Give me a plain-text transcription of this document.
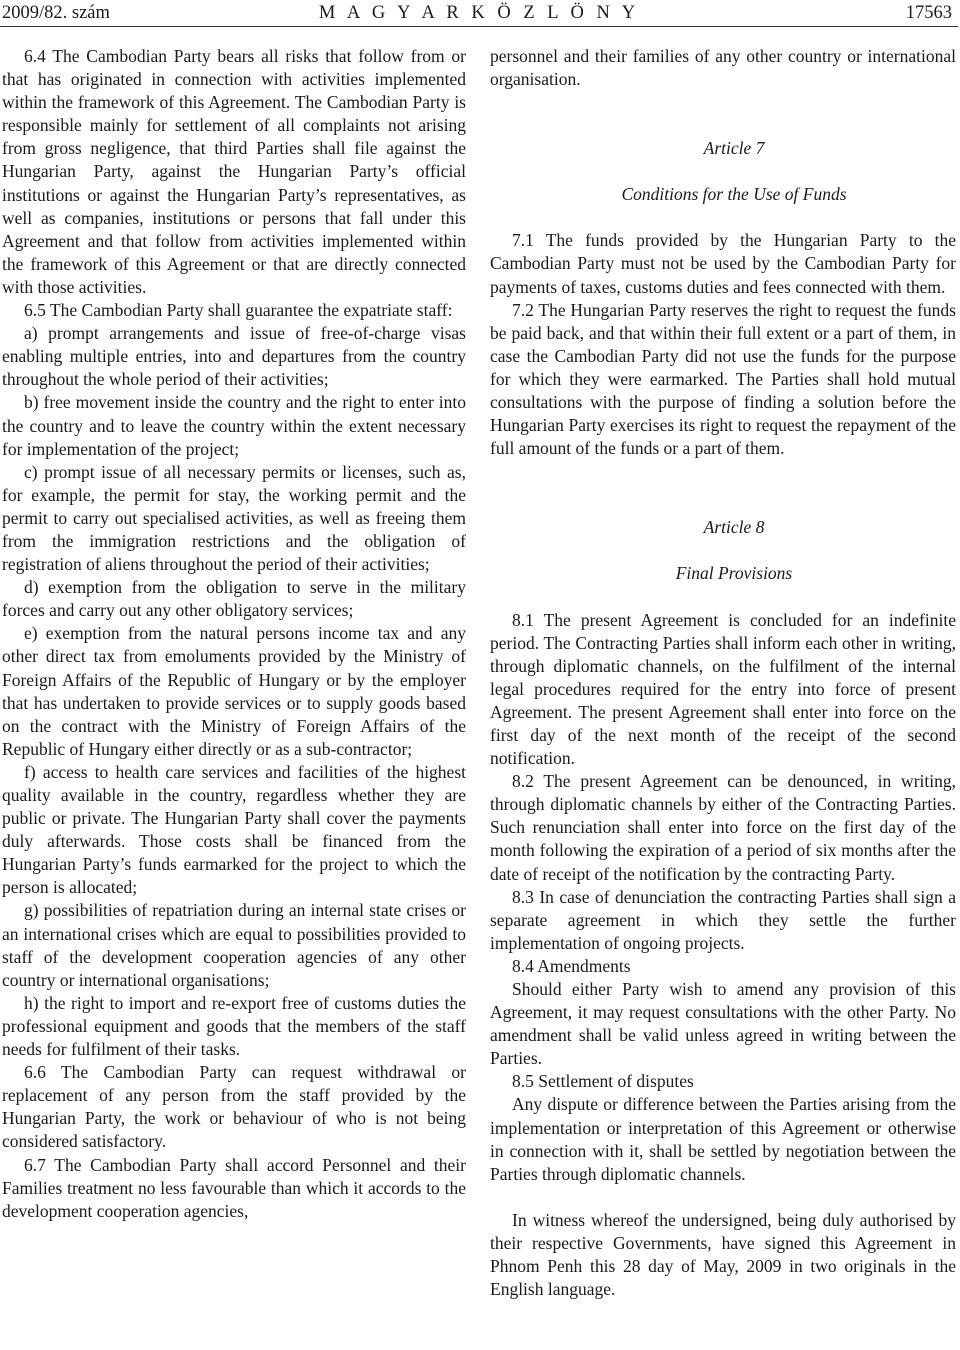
2009/82. szám	M A G Y A R K Ö Z L Ö N Y	17563

6.4 The Cambodian Party bears all risks that follow from or that has originated in connection with activities implemented within the framework of this Agreement. The Cambodian Party is responsible mainly for settlement of all complaints not arising from gross negligence, that third Parties shall file against the Hungarian Party, against the Hungarian Party’s official institutions or against the Hungarian Party’s representatives, as well as companies, institutions or persons that fall under this Agreement and that follow from activities implemented within the framework of this Agreement or that are directly connected with those activities.

6.5 The Cambodian Party shall guarantee the expatriate staff:

a) prompt arrangements and issue of free-of-charge visas enabling multiple entries, into and departures from the country throughout the whole period of their activities;

b) free movement inside the country and the right to enter into the country and to leave the country within the extent necessary for implementation of the project;

c) prompt issue of all necessary permits or licenses, such as, for example, the permit for stay, the working permit and the permit to carry out specialised activities, as well as freeing them from the immigration restrictions and the obligation of registration of aliens throughout the period of their activities;

d) exemption from the obligation to serve in the military forces and carry out any other obligatory services;

e) exemption from the natural persons income tax and any other direct tax from emoluments provided by the Ministry of Foreign Affairs of the Republic of Hungary or by the employer that has undertaken to provide services or to supply goods based on the contract with the Ministry of Foreign Affairs of the Republic of Hungary either directly or as a sub-contractor;

f) access to health care services and facilities of the highest quality available in the country, regardless whether they are public or private. The Hungarian Party shall cover the payments duly afterwards. Those costs shall be financed from the Hungarian Party’s funds earmarked for the project to which the person is allocated;

g) possibilities of repatriation during an internal state crises or an international crises which are equal to possibilities provided to staff of the development cooperation agencies of any other country or international organisations;

h) the right to import and re-export free of customs duties the professional equipment and goods that the members of the staff needs for fulfilment of their tasks.

6.6 The Cambodian Party can request withdrawal or replacement of any person from the staff provided by the Hungarian Party, the work or behaviour of who is not being considered satisfactory.

6.7 The Cambodian Party shall accord Personnel and their Families treatment no less favourable than which it accords to the development cooperation agencies,

personnel and their families of any other country or international organisation.

Article 7

Conditions for the Use of Funds

7.1 The funds provided by the Hungarian Party to the Cambodian Party must not be used by the Cambodian Party for payments of taxes, customs duties and fees connected with them.

7.2 The Hungarian Party reserves the right to request the funds be paid back, and that within their full extent or a part of them, in case the Cambodian Party did not use the funds for the purpose for which they were earmarked. The Parties shall hold mutual consultations with the purpose of finding a solution before the Hungarian Party exercises its right to request the repayment of the full amount of the funds or a part of them.

Article 8

Final Provisions

8.1 The present Agreement is concluded for an indefinite period. The Contracting Parties shall inform each other in writing, through diplomatic channels, on the fulfilment of the internal legal procedures required for the entry into force of present Agreement. The present Agreement shall enter into force on the first day of the next month of the receipt of the second notification.

8.2 The present Agreement can be denounced, in writing, through diplomatic channels by either of the Contracting Parties. Such renunciation shall enter into force on the first day of the month following the expiration of a period of six months after the date of receipt of the notification by the contracting Party.

8.3 In case of denunciation the contracting Parties shall sign a separate agreement in which they settle the further implementation of ongoing projects.

8.4 Amendments

Should either Party wish to amend any provision of this Agreement, it may request consultations with the other Party. No amendment shall be valid unless agreed in writing between the Parties.

8.5 Settlement of disputes

Any dispute or difference between the Parties arising from the implementation or interpretation of this Agreement or otherwise in connection with it, shall be settled by negotiation between the Parties through diplomatic channels.

In witness whereof the undersigned, being duly authorised by their respective Governments, have signed this Agreement in Phnom Penh this 28 day of May, 2009 in two originals in the English language.
